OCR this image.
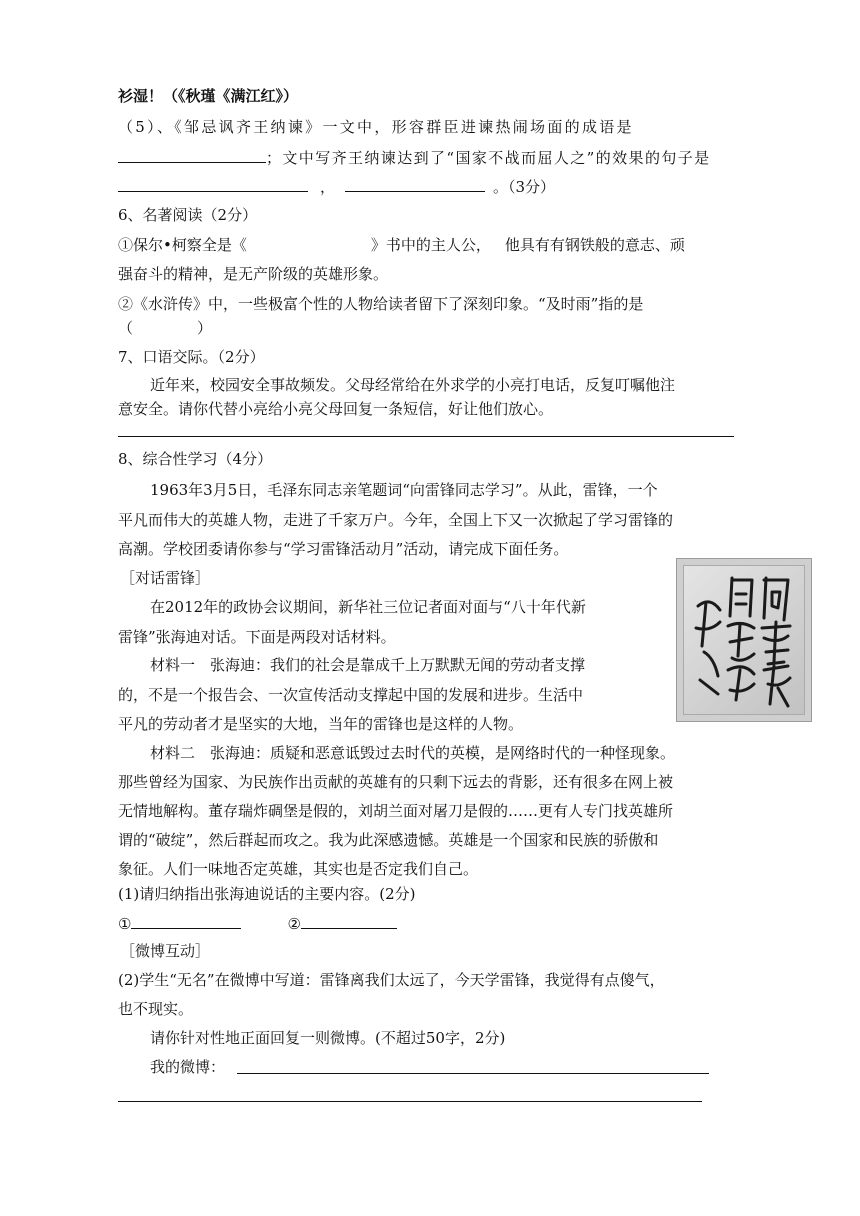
衫湿！（《秋瑾《满江红》）
（5）、《邹忌讽齐王纳谏》一文中，形容群臣进谏热闹场面的成语是
；文中写齐王纳谏达到了“国家不战而屈人之”的效果的句子是
，	。（3分）
6、名著阅读（2分）
①保尔•柯察全是《	》书中的主人公， 他具有有钢铁般的意志、顽
强奋斗的精神，是无产阶级的英雄形象。
②《水浒传》中，一些极富个性的人物给读者留下了深刻印象。“及时雨”指的是
（	）
7、口语交际。（2分）
近年来，校园安全事故频发。父母经常给在外求学的小亮打电话，反复叮嘱他注
意安全。请你代替小亮给小亮父母回复一条短信，好让他们放心。
8、综合性学习（4分）
1963年3月5日，毛泽东同志亲笔题词“向雷锋同志学习”。从此，雷锋，一个
平凡而伟大的英雄人物，走进了千家万户。今年，全国上下又一次掀起了学习雷锋的
高潮。学校团委请你参与“学习雷锋活动月”活动，请完成下面任务。
［对话雷锋］
在2012年的政协会议期间，新华社三位记者面对面与“八十年代新
雷锋”张海迪对话。下面是两段对话材料。
材料一　张海迪：我们的社会是靠成千上万默默无闻的劳动者支撑
的，不是一个报告会、一次宣传活动支撑起中国的发展和进步。生活中
平凡的劳动者才是坚实的大地，当年的雷锋也是这样的人物。
材料二　张海迪：质疑和恶意诋毁过去时代的英模，是网络时代的一种怪现象。
那些曾经为国家、为民族作出贡献的英雄有的只剩下远去的背影，还有很多在网上被
无情地解构。董存瑞炸碉堡是假的，刘胡兰面对屠刀是假的……更有人专门找英雄所
谓的“破绽”，然后群起而攻之。我为此深感遗憾。英雄是一个国家和民族的骄傲和
象征。人们一味地否定英雄，其实也是否定我们自己。
(1)请归纳指出张海迪说话的主要内容。(2分)
①	②
［微博互动］
(2)学生“无名”在微博中写道：雷锋离我们太远了，今天学雷锋，我觉得有点傻气，
也不现实。
请你针对性地正面回复一则微博。(不超过50字，2分)
我的微博：
